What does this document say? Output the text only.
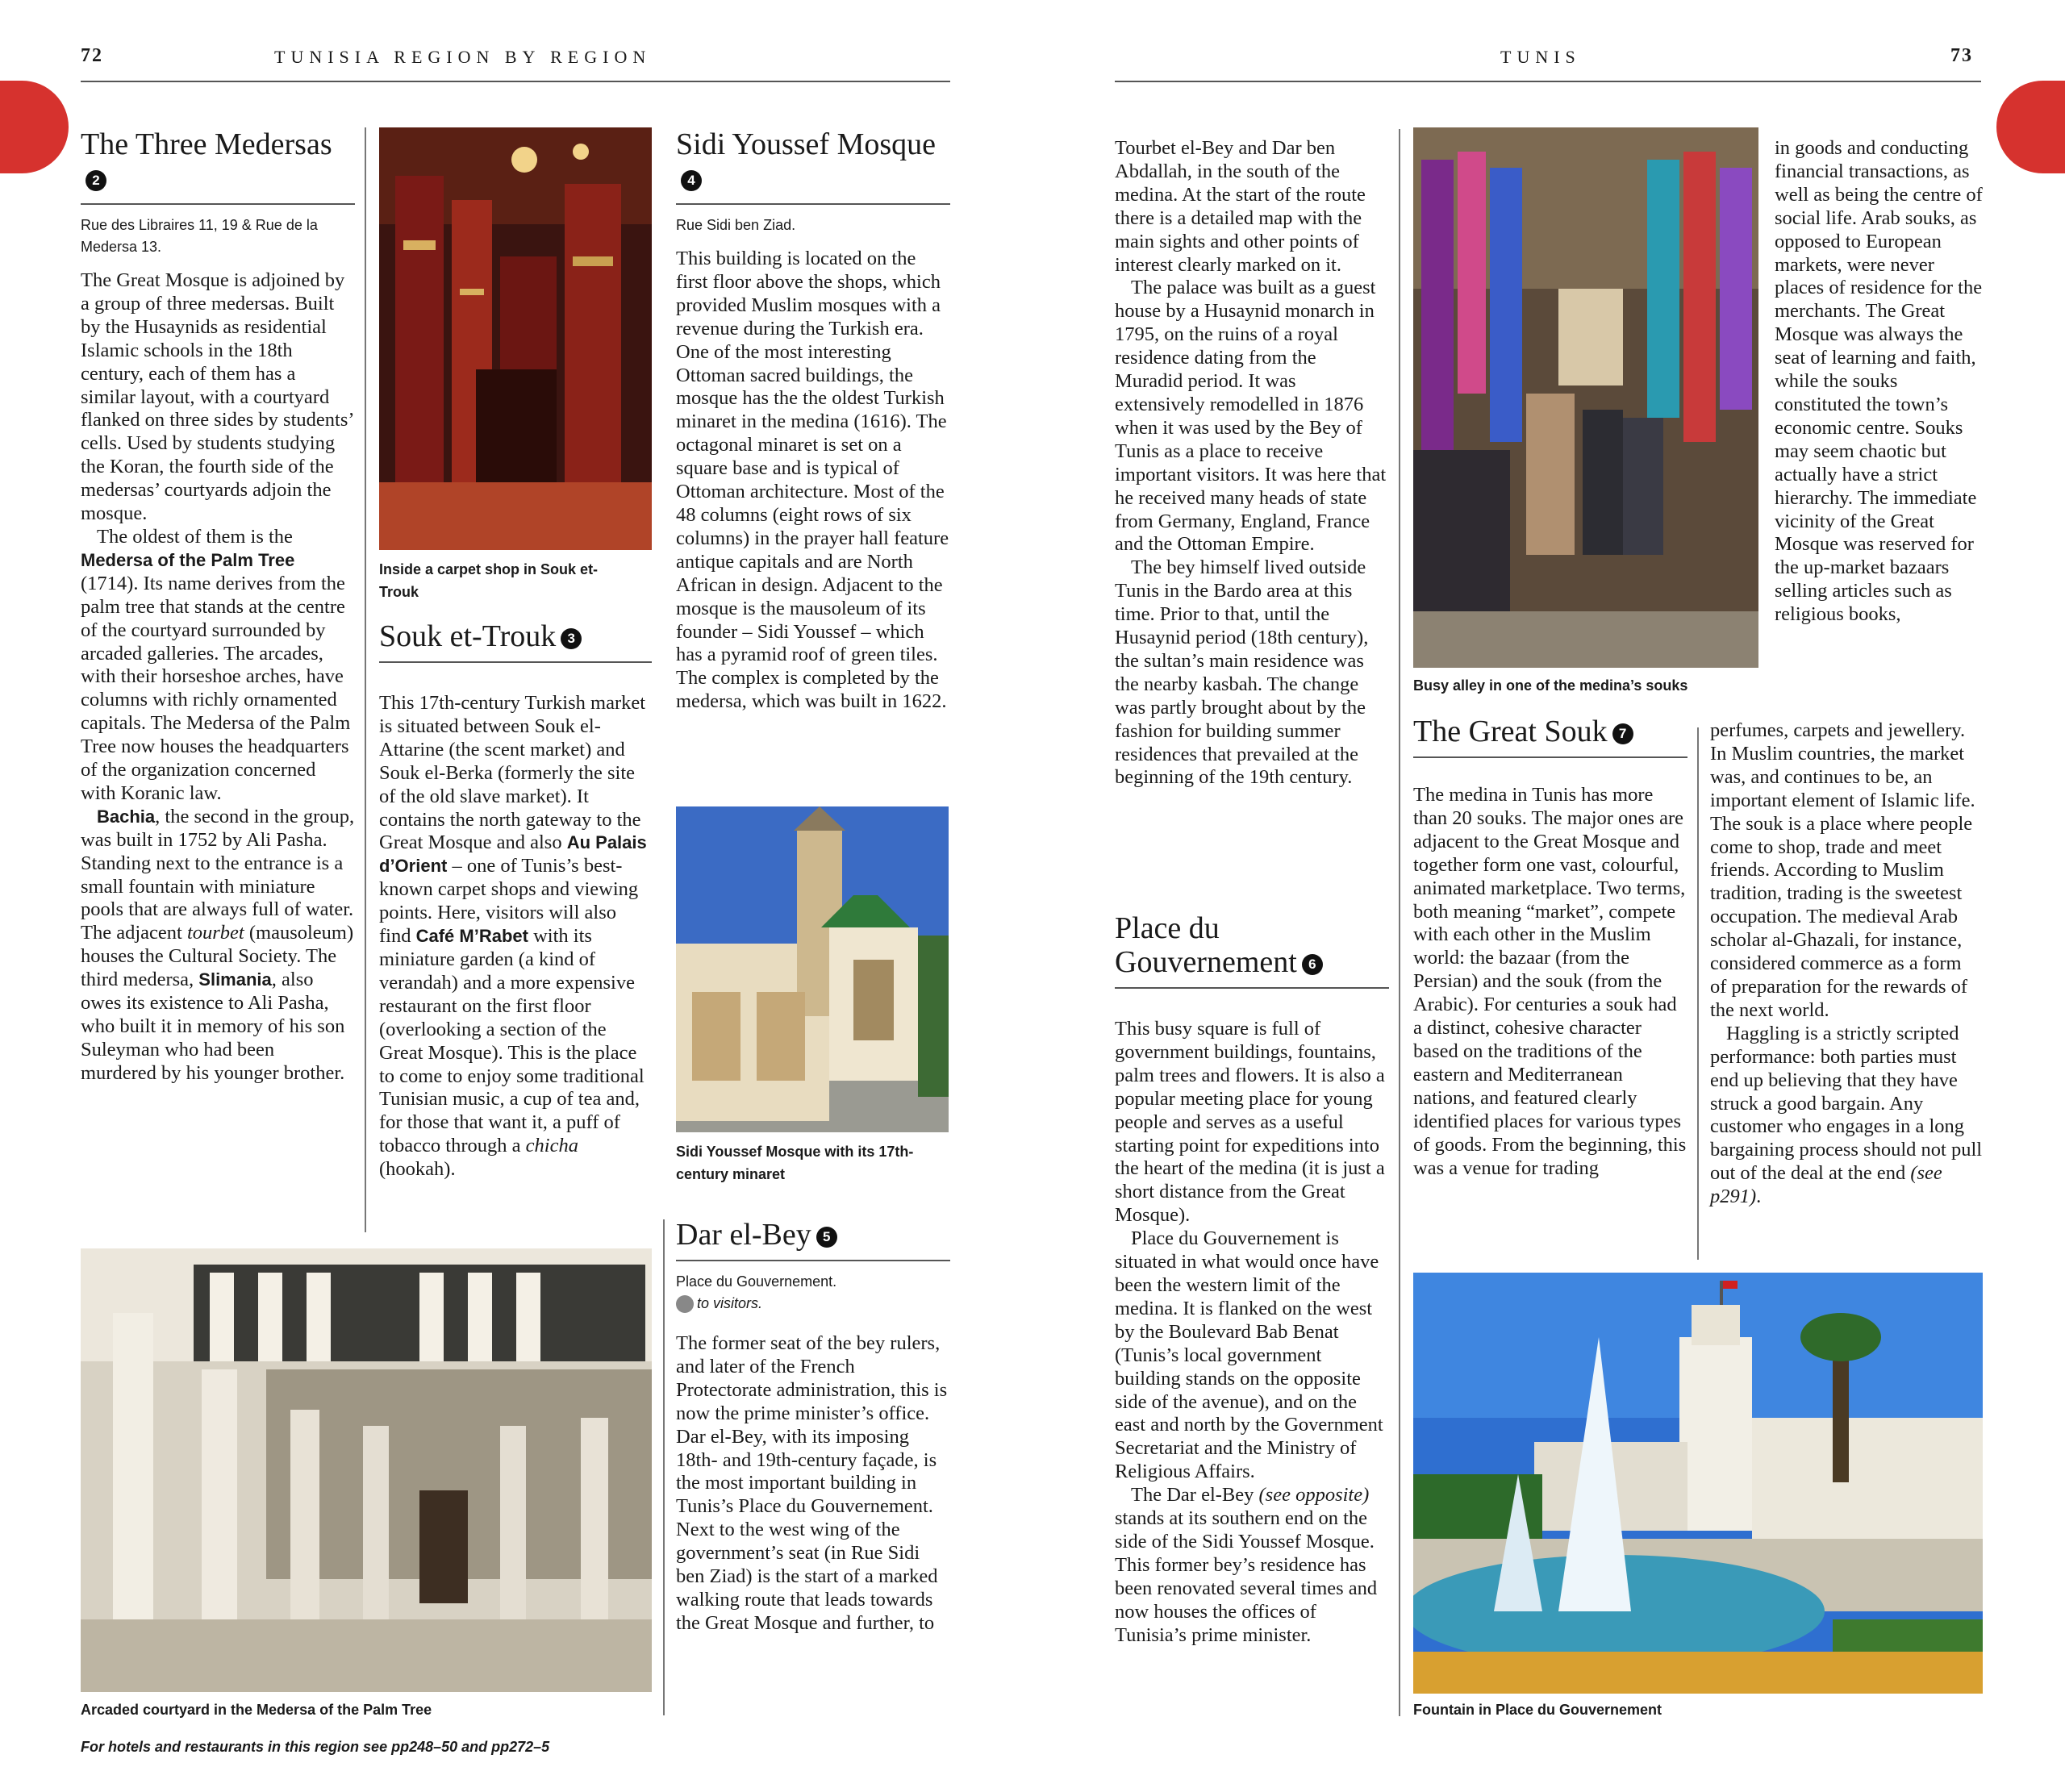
72	TUNISIA REGION BY REGION	TUNIS	73
The Three Medersas2
Rue des Libraires 11, 19 & Rue de la Medersa 13.

The Great Mosque is adjoined by a group of three medersas. Built by the Husaynids as residential Islamic schools in the 18th century, each of them has a similar layout, with a courtyard flanked on three sides by students’ cells. Used by students studying the Koran, the fourth side of the medersas’ courtyards adjoin the mosque.

The oldest of them is the Medersa of the Palm Tree (1714). Its name derives from the palm tree that stands at the centre of the courtyard surrounded by arcaded galleries. The arcades, with their horseshoe arches, have columns with richly ornamented capitals. The Medersa of the Palm Tree now houses the headquarters of the organization concerned with Koranic law.

Bachia, the second in the group, was built in 1752 by Ali Pasha. Standing next to the entrance is a small fountain with miniature pools that are always full of water. The adjacent tourbet (mausoleum) houses the Cultural Society. The third medersa, Slimania, also owes its existence to Ali Pasha, who built it in memory of his son Suleyman who had been murdered by his younger brother.

Inside a carpet shop in Souk et-Trouk
Souk et-Trouk 3

This 17th-century Turkish market is situated between Souk el-Attarine (the scent market) and Souk el-Berka (formerly the site of the old slave market). It contains the north gateway to the Great Mosque and also Au Palais d’Orient – one of Tunis’s best-known carpet shops and viewing points. Here, visitors will also find Café M’Rabet with its miniature garden (a kind of verandah) and a more expensive restaurant on the first floor (overlooking a section of the Great Mosque). This is the place to come to enjoy some traditional Tunisian music, a cup of tea and, for those that want it, a puff of tobacco through a chicha (hookah).

Sidi Youssef Mosque4
Rue Sidi ben Ziad.

This building is located on the first floor above the shops, which provided Muslim mosques with a revenue during the Turkish era. One of the most interesting Ottoman sacred buildings, the mosque has the the oldest Turkish minaret in the medina (1616). The octagonal minaret is set on a square base and is typical of Ottoman architecture. Most of the 48 columns (eight rows of six columns) in the prayer hall feature antique capitals and are North African in design. Adjacent to the mosque is the mausoleum of its founder – Sidi Youssef – which has a pyramid roof of green tiles. The complex is completed by the medersa, which was built in 1622.

Sidi Youssef Mosque with its 17th-century minaret
Dar el-Bey 5
Place du Gouvernement.
to visitors.

The former seat of the bey rulers, and later of the French Protectorate administration, this is now the prime minister’s office. Dar el-Bey, with its imposing 18th- and 19th-century façade, is the most important building in Tunis’s Place du Gouvernement. Next to the west wing of the government’s seat (in Rue Sidi ben Ziad) is the start of a marked walking route that leads towards the Great Mosque and further, to

Arcaded courtyard in the Medersa of the Palm Tree
For hotels and restaurants in this region see pp248–50 and pp272–5

Tourbet el-Bey and Dar ben Abdallah, in the south of the medina. At the start of the route there is a detailed map with the main sights and other points of interest clearly marked on it.

The palace was built as a guest house by a Husaynid monarch in 1795, on the ruins of a royal residence dating from the Muradid period. It was extensively remodelled in 1876 when it was used by the Bey of Tunis as a place to receive important visitors. It was here that he received many heads of state from Germany, England, France and the Ottoman Empire.

The bey himself lived outside Tunis in the Bardo area at this time. Prior to that, until the Husaynid period (18th century), the sultan’s main residence was the nearby kasbah. The change was partly brought about by the fashion for building summer residences that prevailed at the beginning of the 19th century.

Place du Gouvernement 6

This busy square is full of government buildings, fountains, palm trees and flowers. It is also a popular meeting place for young people and serves as a useful starting point for expeditions into the heart of the medina (it is just a short distance from the Great Mosque).

Place du Gouvernement is situated in what would once have been the western limit of the medina. It is flanked on the west by the Boulevard Bab Benat (Tunis’s local government building stands on the opposite side of the avenue), and on the east and north by the Government Secretariat and the Ministry of Religious Affairs.

The Dar el-Bey (see opposite) stands at its southern end on the side of the Sidi Youssef Mosque. This former bey’s residence has been renovated several times and now houses the offices of Tunisia’s prime minister.

Busy alley in one of the medina’s souks
The Great Souk 7

The medina in Tunis has more than 20 souks. The major ones are adjacent to the Great Mosque and together form one vast, colourful, animated marketplace. Two terms, both meaning “market”, compete with each other in the Muslim world: the bazaar (from the Persian) and the souk (from the Arabic). For centuries a souk had a distinct, cohesive character based on the traditions of the eastern and Mediterranean nations, and featured clearly identified places for various types of goods. From the beginning, this was a venue for trading

in goods and conducting financial transactions, as well as being the centre of social life. Arab souks, as opposed to European markets, were never places of residence for the merchants. The Great Mosque was always the seat of learning and faith, while the souks constituted the town’s economic centre. Souks may seem chaotic but actually have a strict hierarchy. The immediate vicinity of the Great Mosque was reserved for the up-market bazaars selling articles such as religious books,

perfumes, carpets and jewellery. In Muslim countries, the market was, and continues to be, an important element of Islamic life. The souk is a place where people come to shop, trade and meet friends. According to Muslim tradition, trading is the sweetest occupation. The medieval Arab scholar al-Ghazali, for instance, considered commerce as a form of preparation for the rewards of the next world.

Haggling is a strictly scripted performance: both parties must end up believing that they have struck a good bargain. Any customer who engages in a long bargaining process should not pull out of the deal at the end (see p291).

Fountain in Place du Gouvernement
